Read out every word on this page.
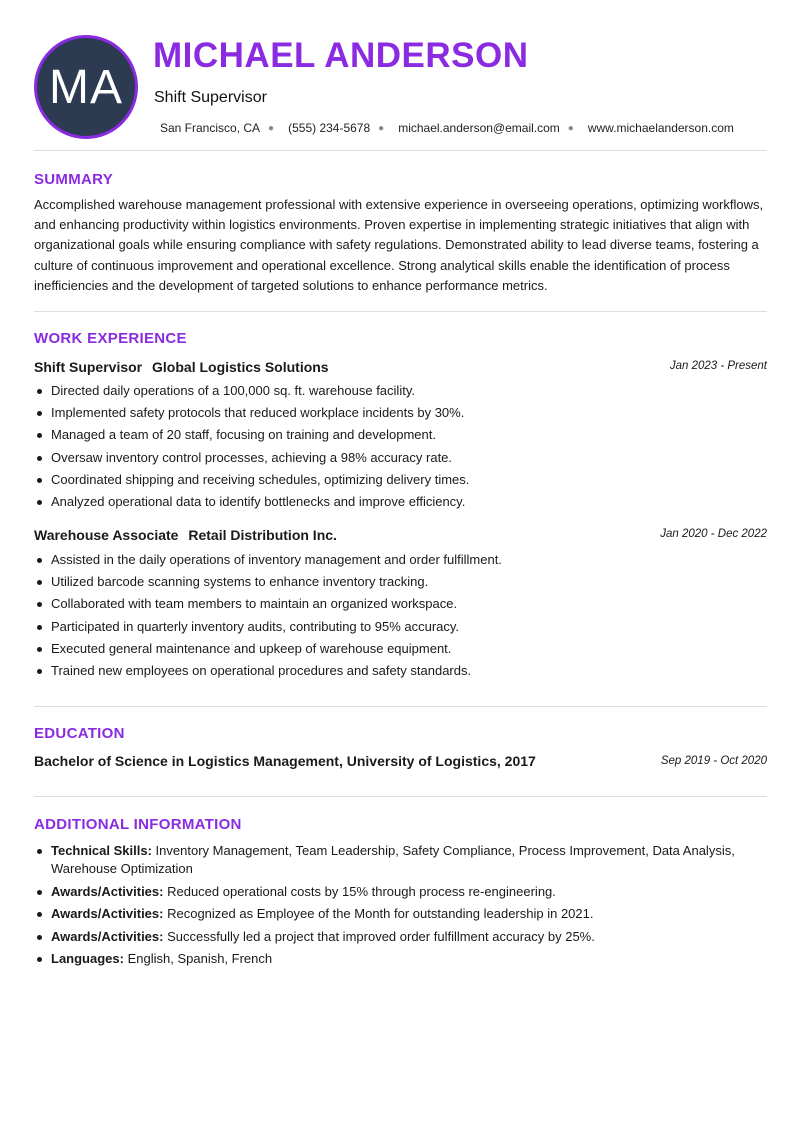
MA
MICHAEL ANDERSON
Shift Supervisor
San Francisco, CA ● (555) 234-5678 ● michael.anderson@email.com ● www.michaelanderson.com
SUMMARY
Accomplished warehouse management professional with extensive experience in overseeing operations, optimizing workflows, and enhancing productivity within logistics environments. Proven expertise in implementing strategic initiatives that align with organizational goals while ensuring compliance with safety regulations. Demonstrated ability to lead diverse teams, fostering a culture of continuous improvement and operational excellence. Strong analytical skills enable the identification of process inefficiencies and the development of targeted solutions to enhance performance metrics.
WORK EXPERIENCE
Shift Supervisor Global Logistics Solutions	Jan 2023 - Present
Directed daily operations of a 100,000 sq. ft. warehouse facility.
Implemented safety protocols that reduced workplace incidents by 30%.
Managed a team of 20 staff, focusing on training and development.
Oversaw inventory control processes, achieving a 98% accuracy rate.
Coordinated shipping and receiving schedules, optimizing delivery times.
Analyzed operational data to identify bottlenecks and improve efficiency.
Warehouse Associate Retail Distribution Inc.	Jan 2020 - Dec 2022
Assisted in the daily operations of inventory management and order fulfillment.
Utilized barcode scanning systems to enhance inventory tracking.
Collaborated with team members to maintain an organized workspace.
Participated in quarterly inventory audits, contributing to 95% accuracy.
Executed general maintenance and upkeep of warehouse equipment.
Trained new employees on operational procedures and safety standards.
EDUCATION
Bachelor of Science in Logistics Management, University of Logistics, 2017	Sep 2019 - Oct 2020
ADDITIONAL INFORMATION
Technical Skills: Inventory Management, Team Leadership, Safety Compliance, Process Improvement, Data Analysis, Warehouse Optimization
Awards/Activities: Reduced operational costs by 15% through process re-engineering.
Awards/Activities: Recognized as Employee of the Month for outstanding leadership in 2021.
Awards/Activities: Successfully led a project that improved order fulfillment accuracy by 25%.
Languages: English, Spanish, French
